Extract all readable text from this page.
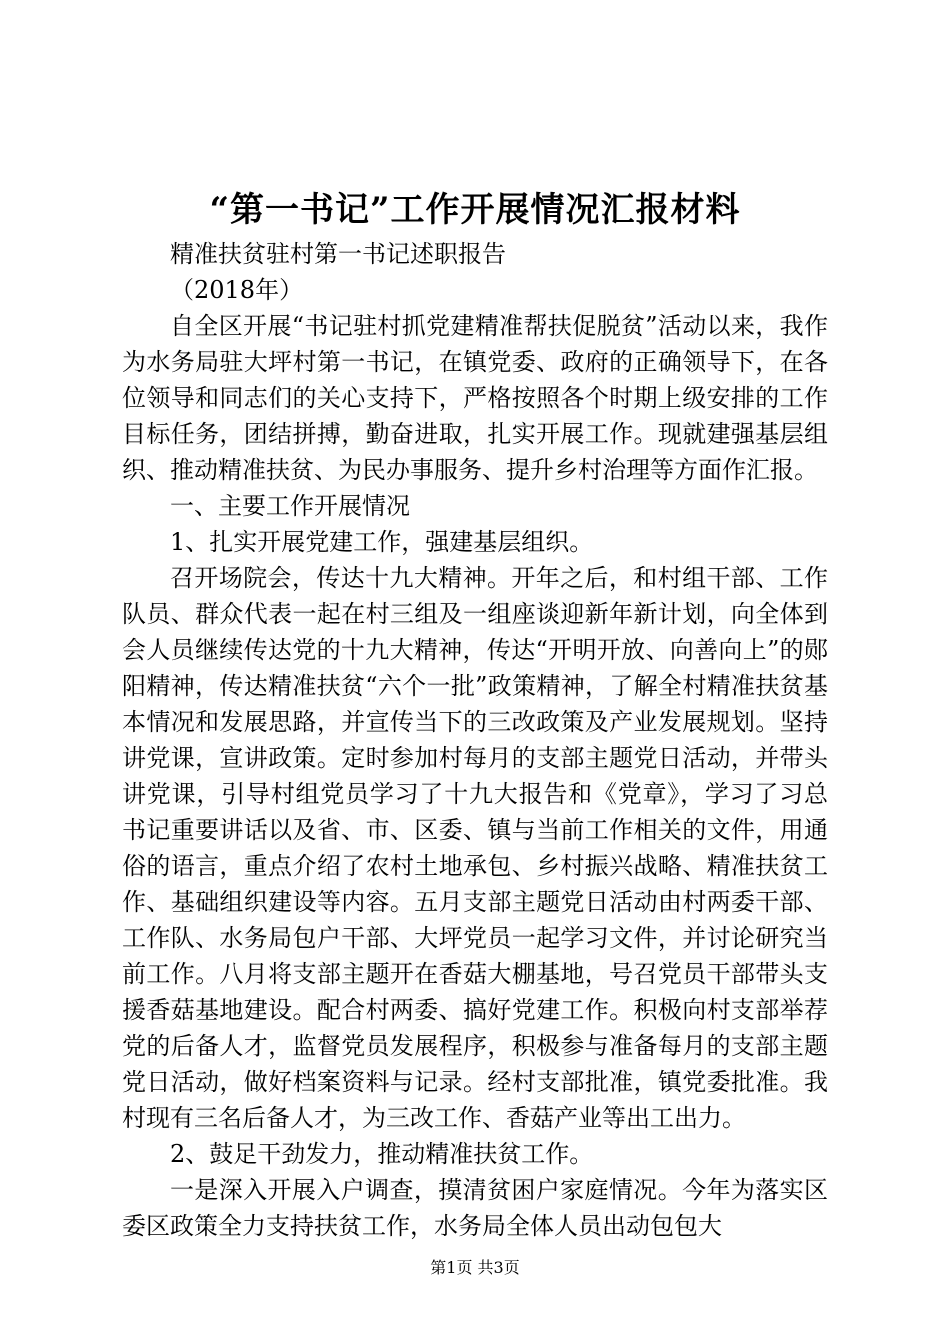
“第一书记”工作开展情况汇报材料

精准扶贫驻村第一书记述职报告

（2018年）

自全区开展“书记驻村抓党建精准帮扶促脱贫”活动以来，我作为水务局驻大坪村第一书记，在镇党委、政府的正确领导下，在各位领导和同志们的关心支持下，严格按照各个时期上级安排的工作目标任务，团结拼搏，勤奋进取，扎实开展工作。现就建强基层组织、推动精准扶贫、为民办事服务、提升乡村治理等方面作汇报。

一、主要工作开展情况

1、扎实开展党建工作，强建基层组织。

召开场院会，传达十九大精神。开年之后，和村组干部、工作队员、群众代表一起在村三组及一组座谈迎新年新计划，向全体到会人员继续传达党的十九大精神，传达“开明开放、向善向上”的郧阳精神，传达精准扶贫“六个一批”政策精神，了解全村精准扶贫基本情况和发展思路，并宣传当下的三改政策及产业发展规划。坚持讲党课，宣讲政策。定时参加村每月的支部主题党日活动，并带头讲党课，引导村组党员学习了十九大报告和《党章》，学习了习总书记重要讲话以及省、市、区委、镇与当前工作相关的文件，用通俗的语言，重点介绍了农村土地承包、乡村振兴战略、精准扶贫工作、基础组织建设等内容。五月支部主题党日活动由村两委干部、工作队、水务局包户干部、大坪党员一起学习文件，并讨论研究当前工作。八月将支部主题开在香菇大棚基地，号召党员干部带头支援香菇基地建设。配合村两委、搞好党建工作。积极向村支部举荐党的后备人才，监督党员发展程序，积极参与准备每月的支部主题党日活动，做好档案资料与记录。经村支部批准，镇党委批准。我村现有三名后备人才，为三改工作、香菇产业等出工出力。

2、鼓足干劲发力，推动精准扶贫工作。

一是深入开展入户调查，摸清贫困户家庭情况。今年为落实区委区政策全力支持扶贫工作，水务局全体人员出动包包大

第1页 共3页
